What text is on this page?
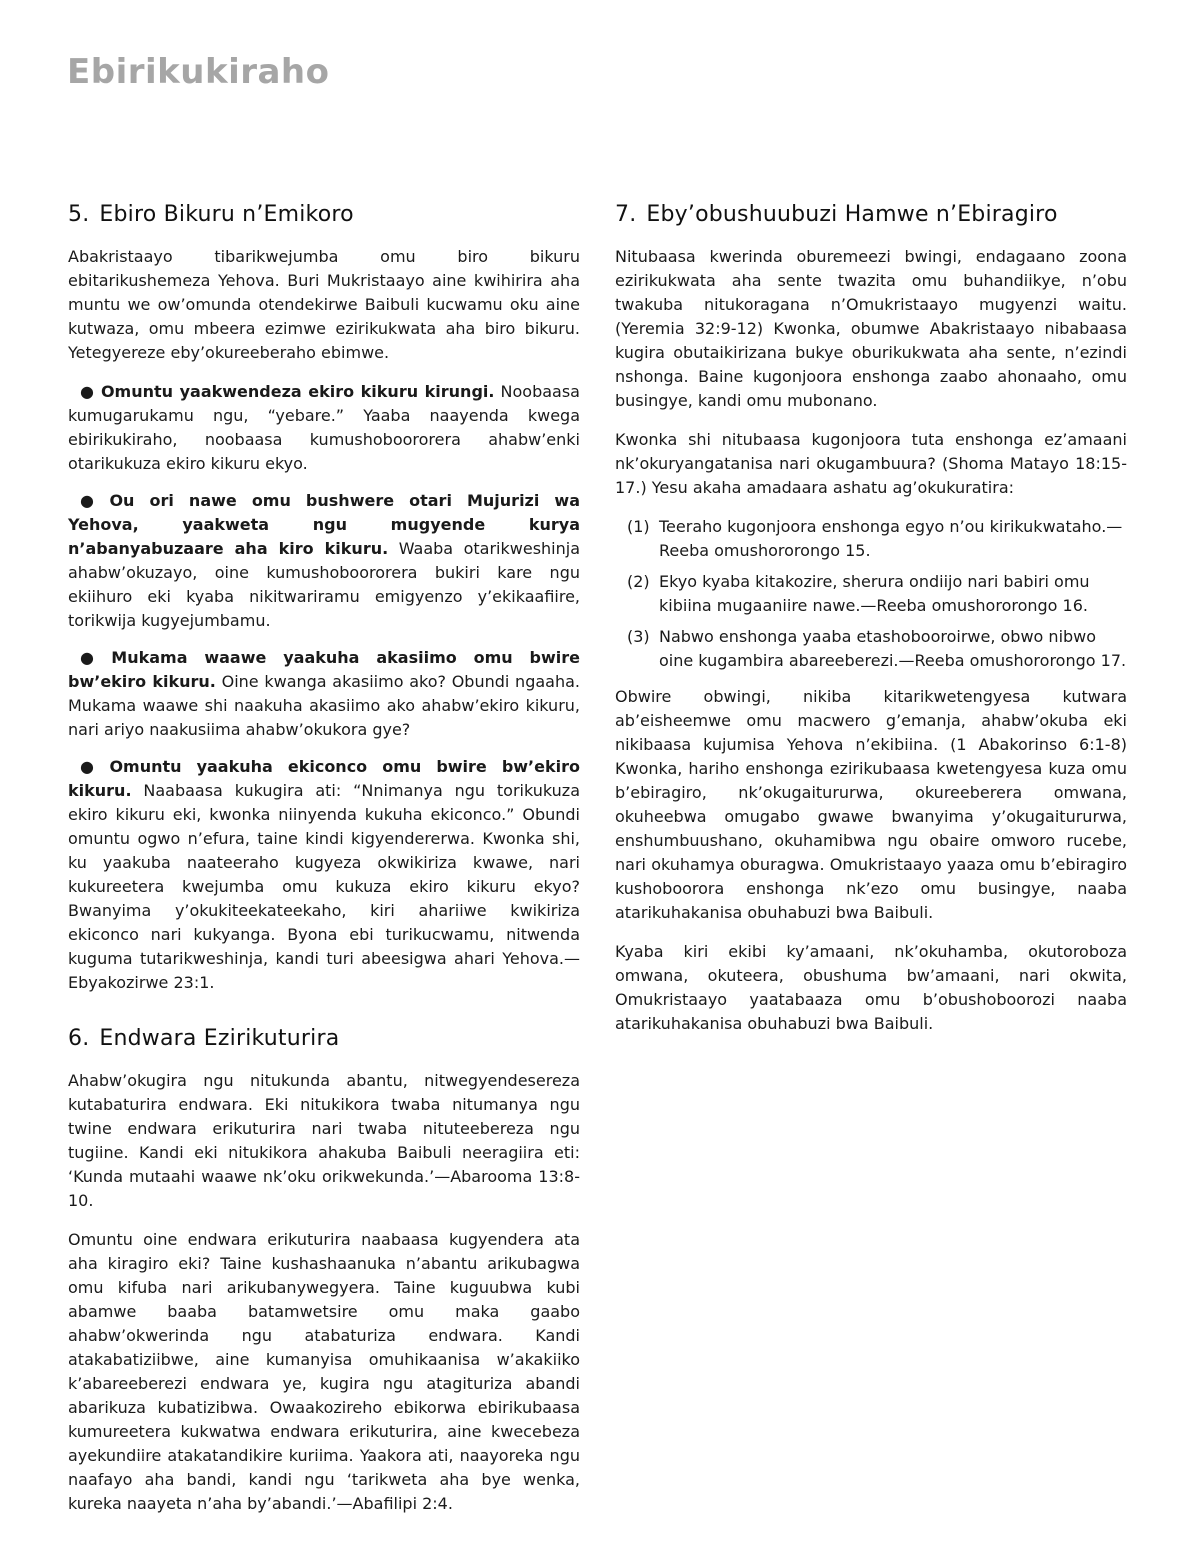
Ebirikukiraho
5. Ebiro Bikuru n’Emikoro

Abakristaayo tibarikwejumba omu biro bikuru ebitarikushemeza Yehova. Buri Mukristaayo aine kwihirira aha muntu we ow’omunda otendekirwe Baibuli kucwamu oku aine kutwaza, omu mbeera ezimwe ezirikukwata aha biro bikuru. Yetegyereze eby’okureeberaho ebimwe.

● Omuntu yaakwendeza ekiro kikuru kirungi. Noobaasa kumugarukamu ngu, “yebare.” Yaaba naayenda kwega ebirikukiraho, noobaasa kumushoboororera ahabw’enki otarikukuza ekiro kikuru ekyo.

● Ou ori nawe omu bushwere otari Mujurizi wa Yehova, yaakweta ngu mugyende kurya n’abanyabuzaare aha kiro kikuru. Waaba otarikweshinja ahabw’okuzayo, oine kumushoboororera bukiri kare ngu ekiihuro eki kyaba nikitwariramu emigyenzo y’ekikaafiire, torikwija kugyejumbamu.

● Mukama waawe yaakuha akasiimo omu bwire bw’ekiro kikuru. Oine kwanga akasiimo ako? Obundi ngaaha. Mukama waawe shi naakuha akasiimo ako ahabw’ekiro kikuru, nari ariyo naakusiima ahabw’okukora gye?

● Omuntu yaakuha ekiconco omu bwire bw’ekiro kikuru. Naabaasa kukugira ati: “Nnimanya ngu torikukuza ekiro kikuru eki, kwonka niinyenda kukuha ekiconco.” Obundi omuntu ogwo n’efura, taine kindi kigyendererwa. Kwonka shi, ku yaakuba naateeraho kugyeza okwikiriza kwawe, nari kukureetera kwejumba omu kukuza ekiro kikuru ekyo? Bwanyima y’okukiteekateekaho, kiri ahariiwe kwikiriza ekiconco nari kukyanga. Byona ebi turikucwamu, nitwenda kuguma tutarikweshinja, kandi turi abeesigwa ahari Yehova.—Ebyakozirwe 23:1.

6. Endwara Ezirikuturira

Ahabw’okugira ngu nitukunda abantu, nitwegyendesereza kutabaturira endwara. Eki nitukikora twaba nitumanya ngu twine endwara erikuturira nari twaba nituteebereza ngu tugiine. Kandi eki nitukikora ahakuba Baibuli neeragiira eti: ‘Kunda mutaahi waawe nk’oku orikwekunda.’—Abarooma 13:8-10.

Omuntu oine endwara erikuturira naabaasa kugyendera ata aha kiragiro eki? Taine kushashaanuka n’abantu arikubagwa omu kifuba nari arikubanywegyera. Taine kuguubwa kubi abamwe baaba batamwetsire omu maka gaabo ahabw’okwerinda ngu atabaturiza endwara. Kandi atakabatiziibwe, aine kumanyisa omuhikaanisa w’akakiiko k’abareeberezi endwara ye, kugira ngu atagituriza abandi abarikuza kubatizibwa. Owaakozireho ebikorwa ebirikubaasa kumureetera kukwatwa endwara erikuturira, aine kwecebeza ayekundiire atakatandikire kuriima. Yaakora ati, naayoreka ngu naafayo aha bandi, kandi ngu ‘tarikweta aha bye wenka, kureka naayeta n’aha by’abandi.’—Abafilipi 2:4.

7. Eby’obushuubuzi Hamwe n’Ebiragiro

Nitubaasa kwerinda oburemeezi bwingi, endagaano zoona ezirikukwata aha sente twazita omu buhandiikye, n’obu twakuba nitukoragana n’Omukristaayo mugyenzi waitu. (Yeremia 32:9-12) Kwonka, obumwe Abakristaayo nibabaasa kugira obutaikirizana bukye oburikukwata aha sente, n’ezindi nshonga. Baine kugonjoora enshonga zaabo ahonaaho, omu busingye, kandi omu mubonano.

Kwonka shi nitubaasa kugonjoora tuta enshonga ez’amaani nk’okuryangatanisa nari okugambuura? (Shoma Matayo 18:15-17.) Yesu akaha amadaara ashatu ag’okukuratira:

(1) Teeraho kugonjoora enshonga egyo n’ou kirikukwataho.—Reeba omushororongo 15.
(2) Ekyo kyaba kitakozire, sherura ondiijo nari babiri omu kibiina mugaaniire nawe.—Reeba omushororongo 16.
(3) Nabwo enshonga yaaba etashobooroirwe, obwo nibwo oine kugambira abareeberezi.—Reeba omushororongo 17.

Obwire obwingi, nikiba kitarikwetengyesa kutwara ab’eisheemwe omu macwero g’emanja, ahabw’okuba eki nikibaasa kujumisa Yehova n’ekibiina. (1 Abakorinso 6:1-8) Kwonka, hariho enshonga ezirikubaasa kwetengyesa kuza omu b’ebiragiro, nk’okugaitururwa, okureeberera omwana, okuheebwa omugabo gwawe bwanyima y’okugaitururwa, enshumbuushano, okuhamibwa ngu obaire omworo rucebe, nari okuhamya oburagwa. Omukristaayo yaaza omu b’ebiragiro kushoboorora enshonga nk’ezo omu busingye, naaba atarikuhakanisa obuhabuzi bwa Baibuli.

Kyaba kiri ekibi ky’amaani, nk’okuhamba, okutoroboza omwana, okuteera, obushuma bw’amaani, nari okwita, Omukristaayo yaatabaaza omu b’obushoboorozi naaba atarikuhakanisa obuhabuzi bwa Baibuli.
